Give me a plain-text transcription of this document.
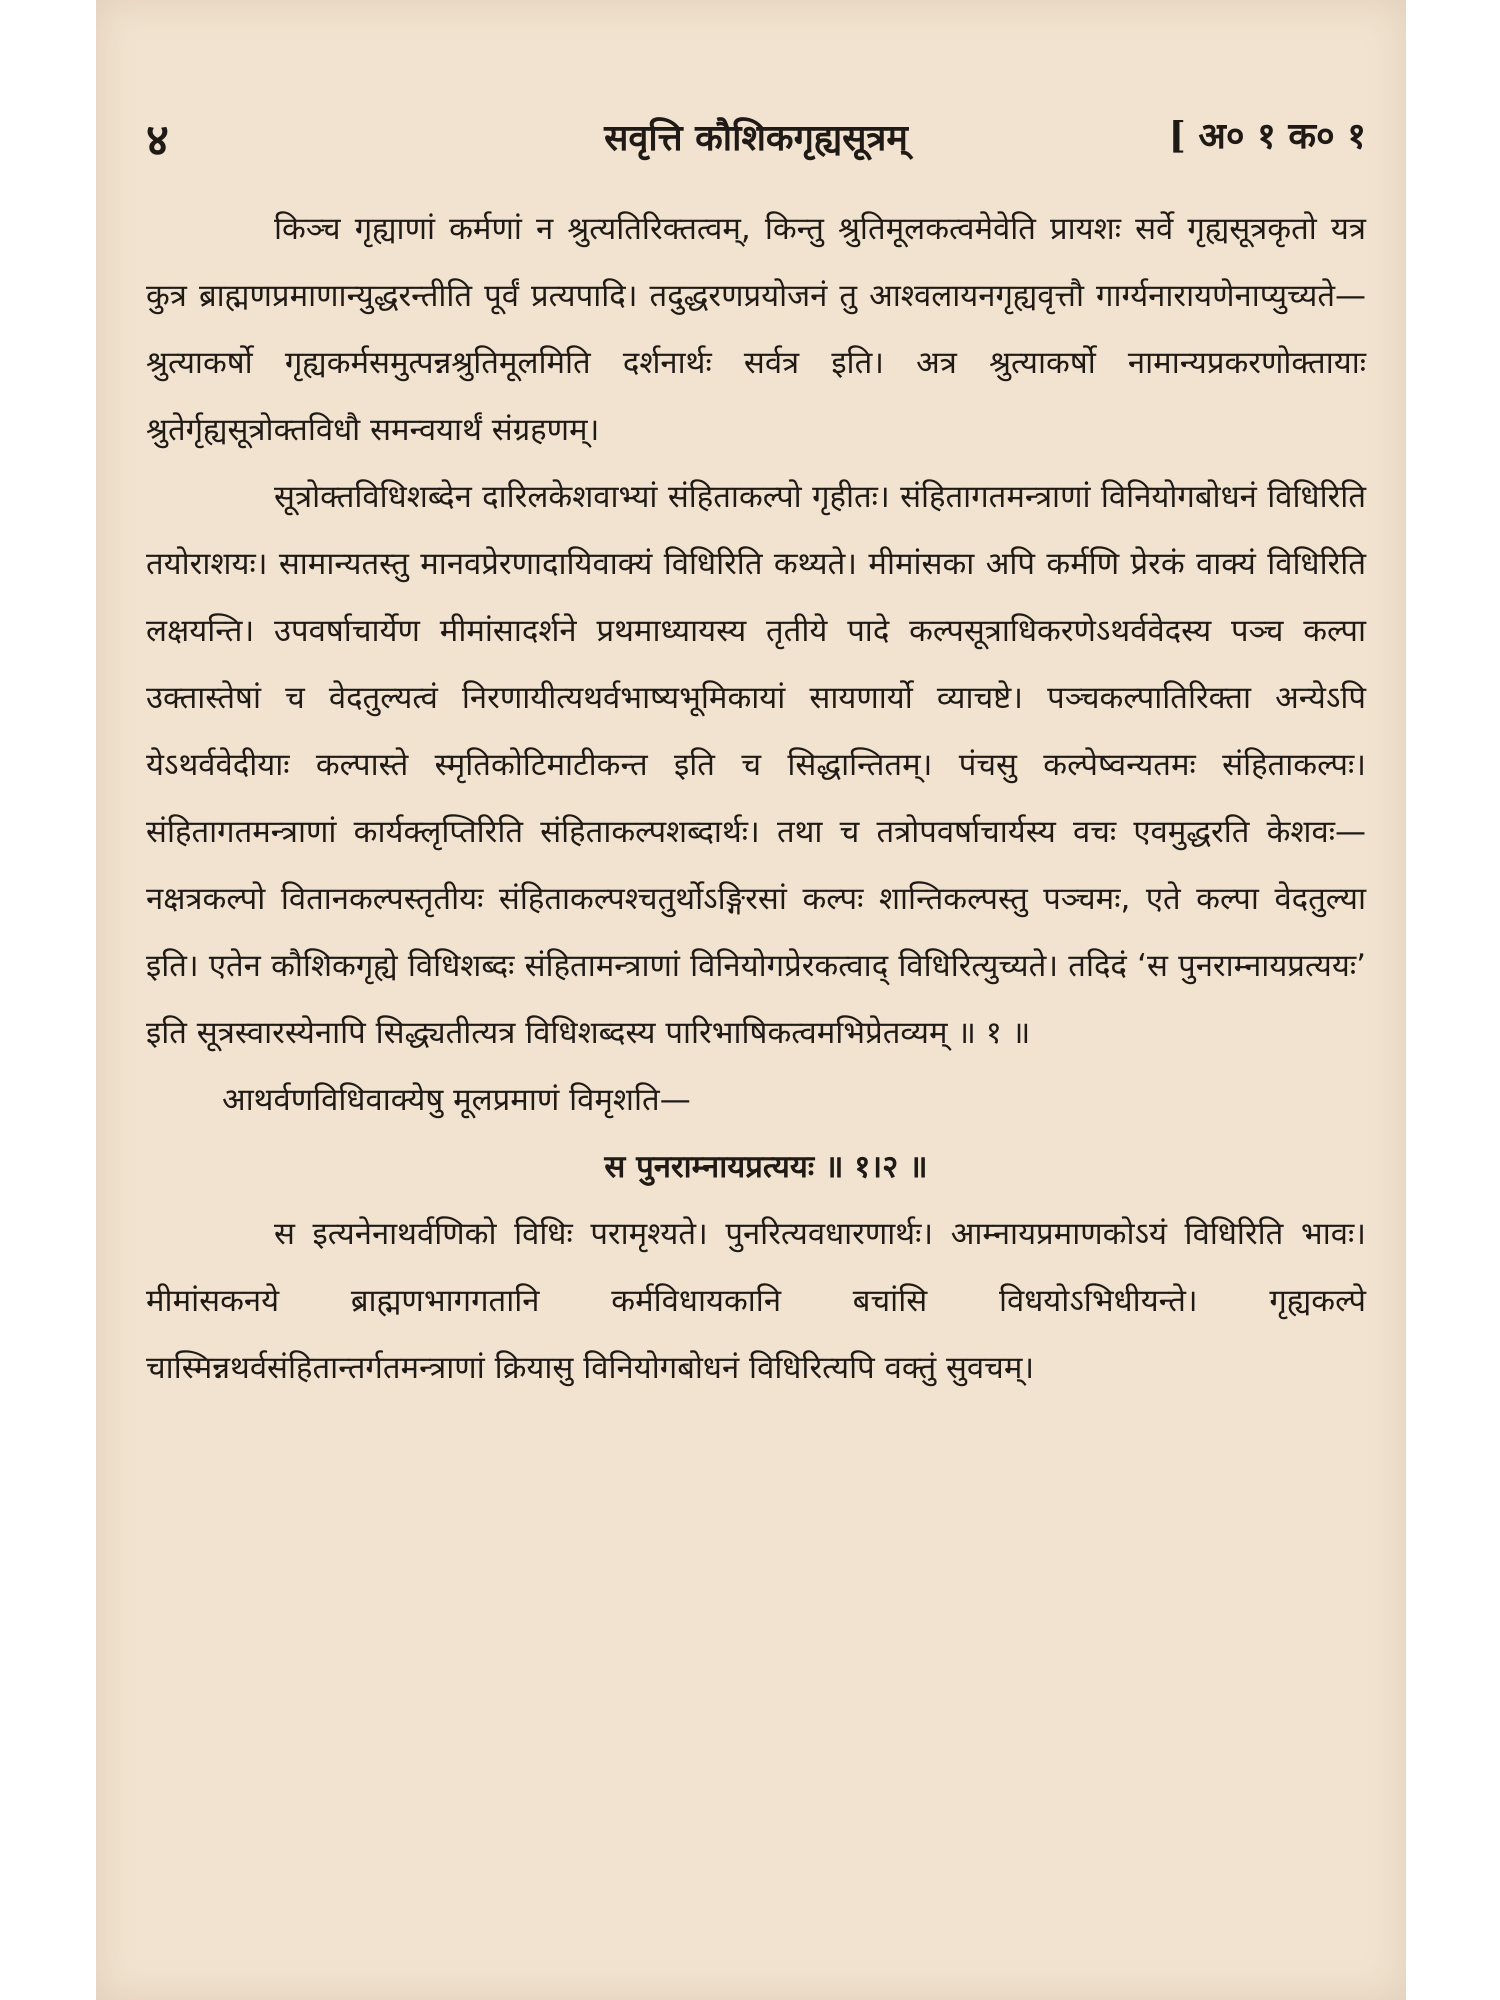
४	सवृत्ति कौशिकगृह्यसूत्रम्	[ अ० १ क० १

किञ्च गृह्याणां कर्मणां न श्रुत्यतिरिक्तत्वम्, किन्तु श्रुतिमूलकत्वमेवेति प्रायशः सर्वे गृह्यसूत्रकृतो यत्र कुत्र ब्राह्मणप्रमाणान्युद्धरन्तीति पूर्वं प्रत्यपादि। तदुद्धरणप्रयोजनं तु आश्वलायनगृह्यवृत्तौ गार्ग्यनारायणेनाप्युच्यते—श्रुत्याकर्षो गृह्यकर्मसमुत्पन्नश्रुतिमूलमिति दर्शनार्थः सर्वत्र इति। अत्र श्रुत्याकर्षो नामान्यप्रकरणोक्तायाः श्रुतेर्गृह्यसूत्रोक्तविधौ समन्वयार्थं संग्रहणम्।

सूत्रोक्तविधिशब्देन दारिलकेशवाभ्यां संहिताकल्पो गृहीतः। संहितागतमन्त्राणां विनियोगबोधनं विधिरिति तयोराशयः। सामान्यतस्तु मानवप्रेरणादायिवाक्यं विधिरिति कथ्यते। मीमांसका अपि कर्मणि प्रेरकं वाक्यं विधिरिति लक्षयन्ति। उपवर्षाचार्येण मीमांसादर्शने प्रथमाध्यायस्य तृतीये पादे कल्पसूत्राधिकरणेऽथर्ववेदस्य पञ्च कल्पा उक्तास्तेषां च वेदतुल्यत्वं निरणायीत्यथर्वभाष्यभूमिकायां सायणार्यो व्याचष्टे। पञ्चकल्पातिरिक्ता अन्येऽपि येऽथर्ववेदीयाः कल्पास्ते स्मृतिकोटिमाटीकन्त इति च सिद्धान्तितम्। पंचसु कल्पेष्वन्यतमः संहिताकल्पः। संहितागतमन्त्राणां कार्यक्लृप्तिरिति संहिताकल्पशब्दार्थः। तथा च तत्रोपवर्षाचार्यस्य वचः एवमुद्धरति केशवः—नक्षत्रकल्पो वितानकल्पस्तृतीयः संहिताकल्पश्चतुर्थोऽङ्गिरसां कल्पः शान्तिकल्पस्तु पञ्चमः, एते कल्पा वेदतुल्या इति। एतेन कौशिकगृह्ये विधिशब्दः संहितामन्त्राणां विनियोगप्रेरकत्वाद् विधिरित्युच्यते। तदिदं ‘स पुनराम्नायप्रत्ययः’ इति सूत्रस्वारस्येनापि सिद्ध्यतीत्यत्र विधिशब्दस्य पारिभाषिकत्वमभिप्रेतव्यम् ॥ १ ॥

आथर्वणविधिवाक्येषु मूलप्रमाणं विमृशति—

स पुनराम्नायप्रत्ययः ॥ १।२ ॥

स इत्यनेनाथर्वणिको विधिः परामृश्यते। पुनरित्यवधारणार्थः। आम्नायप्रमाणकोऽयं विधिरिति भावः। मीमांसकनये ब्राह्मणभागगतानि कर्मविधायकानि बचांसि विधयोऽभिधीयन्ते। गृह्यकल्पे चास्मिन्नथर्वसंहितान्तर्गतमन्त्राणां क्रियासु विनियोगबोधनं विधिरित्यपि वक्तुं सुवचम्।
